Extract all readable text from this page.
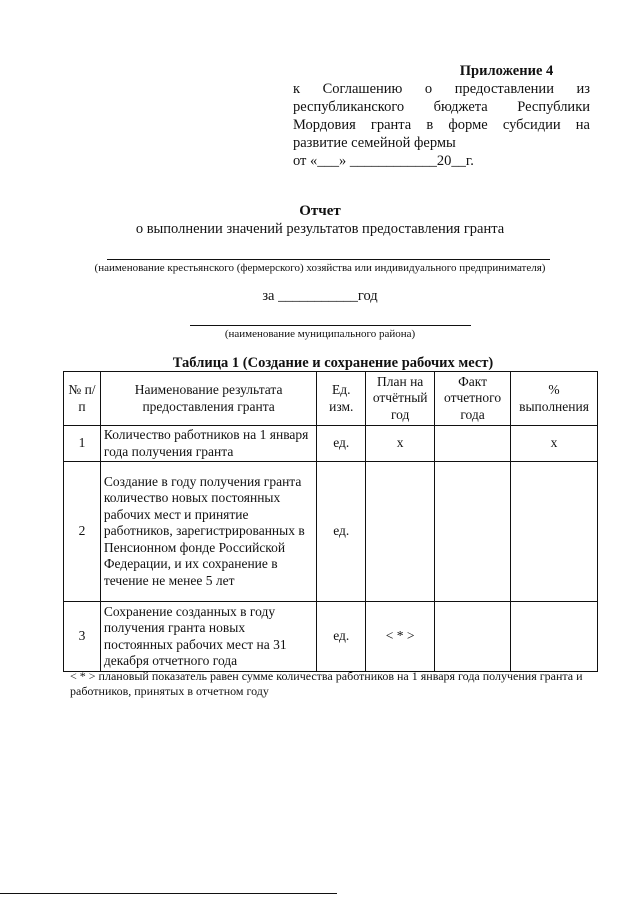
Приложение 4
к Соглашению о предоставлении из
республиканского бюджета Республики
Мордовия гранта в форме субсидии на
развитие семейной фермы
от «___» ____________20__г.
Отчет
о выполнении значений результатов предоставления гранта
(наименование крестьянского (фермерского) хозяйства или индивидуального предпринимателя)
за ___________год
(наименование муниципального района)
Таблица 1 (Создание и сохранение рабочих мест)
№ п/п	Наименование результата предоставления гранта	Ед. изм.	План на отчётный год	Факт отчетного года	% выполнения
1	Количество работников на 1 января года получения гранта	ед.	x		x
2	Создание в году получения гранта количество новых постоянных рабочих мест и принятие работников, зарегистрированных в Пенсионном фонде Российской Федерации, и их сохранение в течение не менее 5 лет	ед.			
3	Сохранение созданных в году получения гранта новых постоянных рабочих мест на 31 декабря отчетного года	ед.	< * >		
< * > плановый показатель равен сумме количества работников на 1 января года получения гранта и работников, принятых в отчетном году
